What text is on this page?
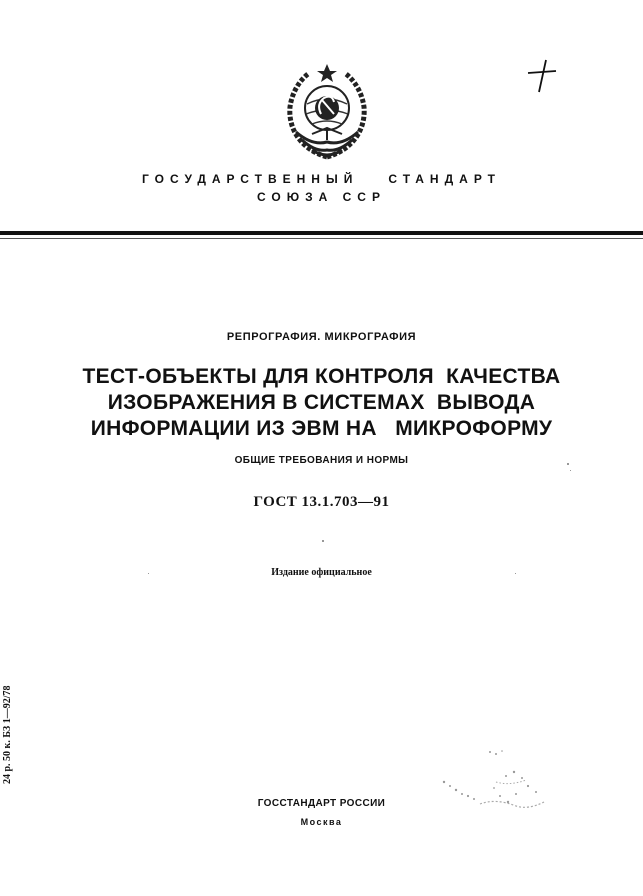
ГОСУДАРСТВЕННЫЙ	СТАНДАРТ
СОЮЗА ССР
РЕПРОГРАФИЯ. МИКРОГРАФИЯ
ТЕСТ-ОБЪЕКТЫ ДЛЯ КОНТРОЛЯ  КАЧЕСТВА
ИЗОБРАЖЕНИЯ В СИСТЕМАХ  ВЫВОДА
ИНФОРМАЦИИ ИЗ ЭВМ НА   МИКРОФОРМУ
ОБЩИЕ ТРЕБОВАНИЯ И НОРМЫ
ГОСТ 13.1.703—91
Издание официальное
24 р. 50 к. БЗ 1—92/78
ГОССТАНДАРТ РОССИИ
Москва
